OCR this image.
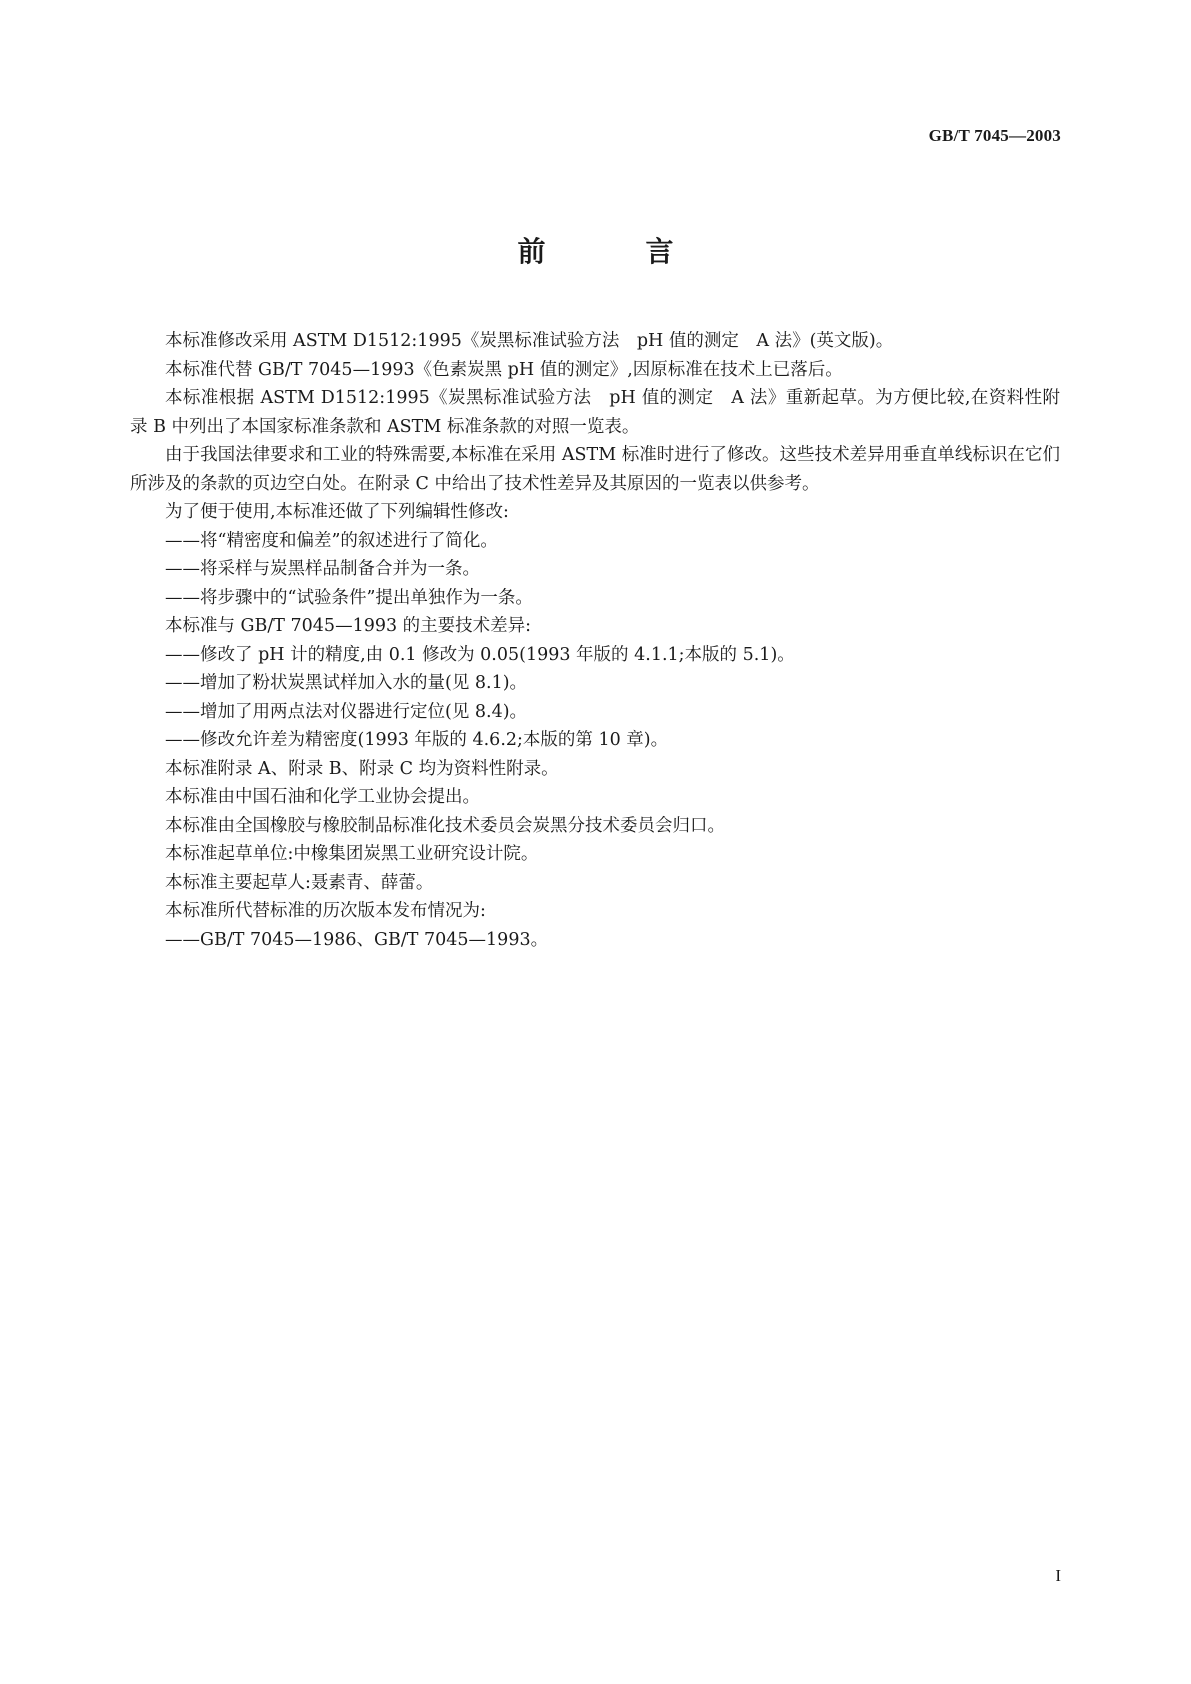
GB/T 7045—2003
前　言

本标准修改采用 ASTM D1512:1995《炭黑标准试验方法　pH 值的测定　A 法》(英文版)。

本标准代替 GB/T 7045—1993《色素炭黑 pH 值的测定》,因原标准在技术上已落后。

本标准根据 ASTM D1512:1995《炭黑标准试验方法　pH 值的测定　A 法》重新起草。为方便比较,在资料性附录 B 中列出了本国家标准条款和 ASTM 标准条款的对照一览表。

由于我国法律要求和工业的特殊需要,本标准在采用 ASTM 标准时进行了修改。这些技术差异用垂直单线标识在它们所涉及的条款的页边空白处。在附录 C 中给出了技术性差异及其原因的一览表以供参考。

为了便于使用,本标准还做了下列编辑性修改:

——将“精密度和偏差”的叙述进行了简化。

——将采样与炭黑样品制备合并为一条。

——将步骤中的“试验条件”提出单独作为一条。

本标准与 GB/T 7045—1993 的主要技术差异:

——修改了 pH 计的精度,由 0.1 修改为 0.05(1993 年版的 4.1.1;本版的 5.1)。

——增加了粉状炭黑试样加入水的量(见 8.1)。

——增加了用两点法对仪器进行定位(见 8.4)。

——修改允许差为精密度(1993 年版的 4.6.2;本版的第 10 章)。

本标准附录 A、附录 B、附录 C 均为资料性附录。

本标准由中国石油和化学工业协会提出。

本标准由全国橡胶与橡胶制品标准化技术委员会炭黑分技术委员会归口。

本标准起草单位:中橡集团炭黑工业研究设计院。

本标准主要起草人:聂素青、薛蕾。

本标准所代替标准的历次版本发布情况为:

——GB/T 7045—1986、GB/T 7045—1993。

I
